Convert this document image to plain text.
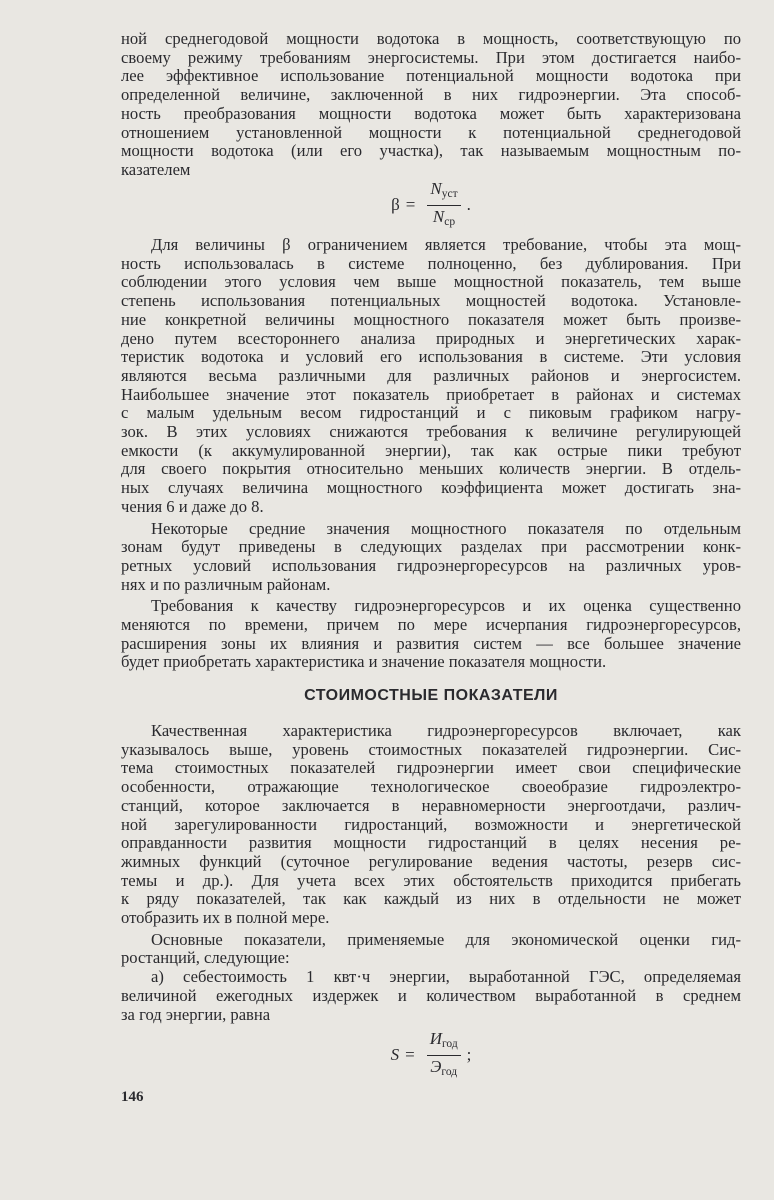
ной среднегодовой мощности водотока в мощность, соответствующую по
своему режиму требованиям энергосистемы. При этом достигается наибо-
лее эффективное использование потенциальной мощности водотока при
определенной величине, заключенной в них гидроэнергии. Эта способ-
ность преобразования мощности водотока может быть характеризована
отношением установленной мощности к потенциальной среднегодовой
мощности водотока (или его участка), так называемым мощностным по-
казателем

$\beta = \frac{N_{уст}}{N_{ср}}$ .
Для величины β ограничением является требование, чтобы эта мощ-
ность использовалась в системе полноценно, без дублирования. При
соблюдении этого условия чем выше мощностной показатель, тем выше
степень использования потенциальных мощностей водотока. Установле-
ние конкретной величины мощностного показателя может быть произве-
дено путем всестороннего анализа природных и энергетических харак-
теристик водотока и условий его использования в системе. Эти условия
являются весьма различными для различных районов и энергосистем.
Наибольшее значение этот показатель приобретает в районах и системах
с малым удельным весом гидростанций и с пиковым графиком нагру-
зок. В этих условиях снижаются требования к величине регулирующей
емкости (к аккумулированной энергии), так как острые пики требуют
для своего покрытия относительно меньших количеств энергии. В отдель-
ных случаях величина мощностного коэффициента может достигать зна-
чения 6 и даже до 8.
Некоторые средние значения мощностного показателя по отдельным
зонам будут приведены в следующих разделах при рассмотрении конк-
ретных условий использования гидроэнергоресурсов на различных уров-
нях и по различным районам.
Требования к качеству гидроэнергоресурсов и их оценка существенно
меняются по времени, причем по мере исчерпания гидроэнергоресурсов,
расширения зоны их влияния и развития систем — все большее значение
будет приобретать характеристика и значение показателя мощности.
СТОИМОСТНЫЕ ПОКАЗАТЕЛИ
Качественная характеристика гидроэнергоресурсов включает, как
указывалось выше, уровень стоимостных показателей гидроэнергии. Сис-
тема стоимостных показателей гидроэнергии имеет свои специфические
особенности, отражающие технологическое своеобразие гидроэлектро-
станций, которое заключается в неравномерности энергоотдачи, различ-
ной зарегулированности гидростанций, возможности и энергетической
оправданности развития мощности гидростанций в целях несения ре-
жимных функций (суточное регулирование ведения частоты, резерв сис-
темы и др.). Для учета всех этих обстоятельств приходится прибегать
к ряду показателей, так как каждый из них в отдельности не может
отобразить их в полной мере.
Основные показатели, применяемые для экономической оценки гид-
ростанций, следующие:
а) себестоимость 1 квт·ч энергии, выработанной ГЭС, определяемая
величиной ежегодных издержек и количеством выработанной в среднем
за год энергии, равна
$S = \frac{И_{год}}{Э_{год}}$ ;
146
